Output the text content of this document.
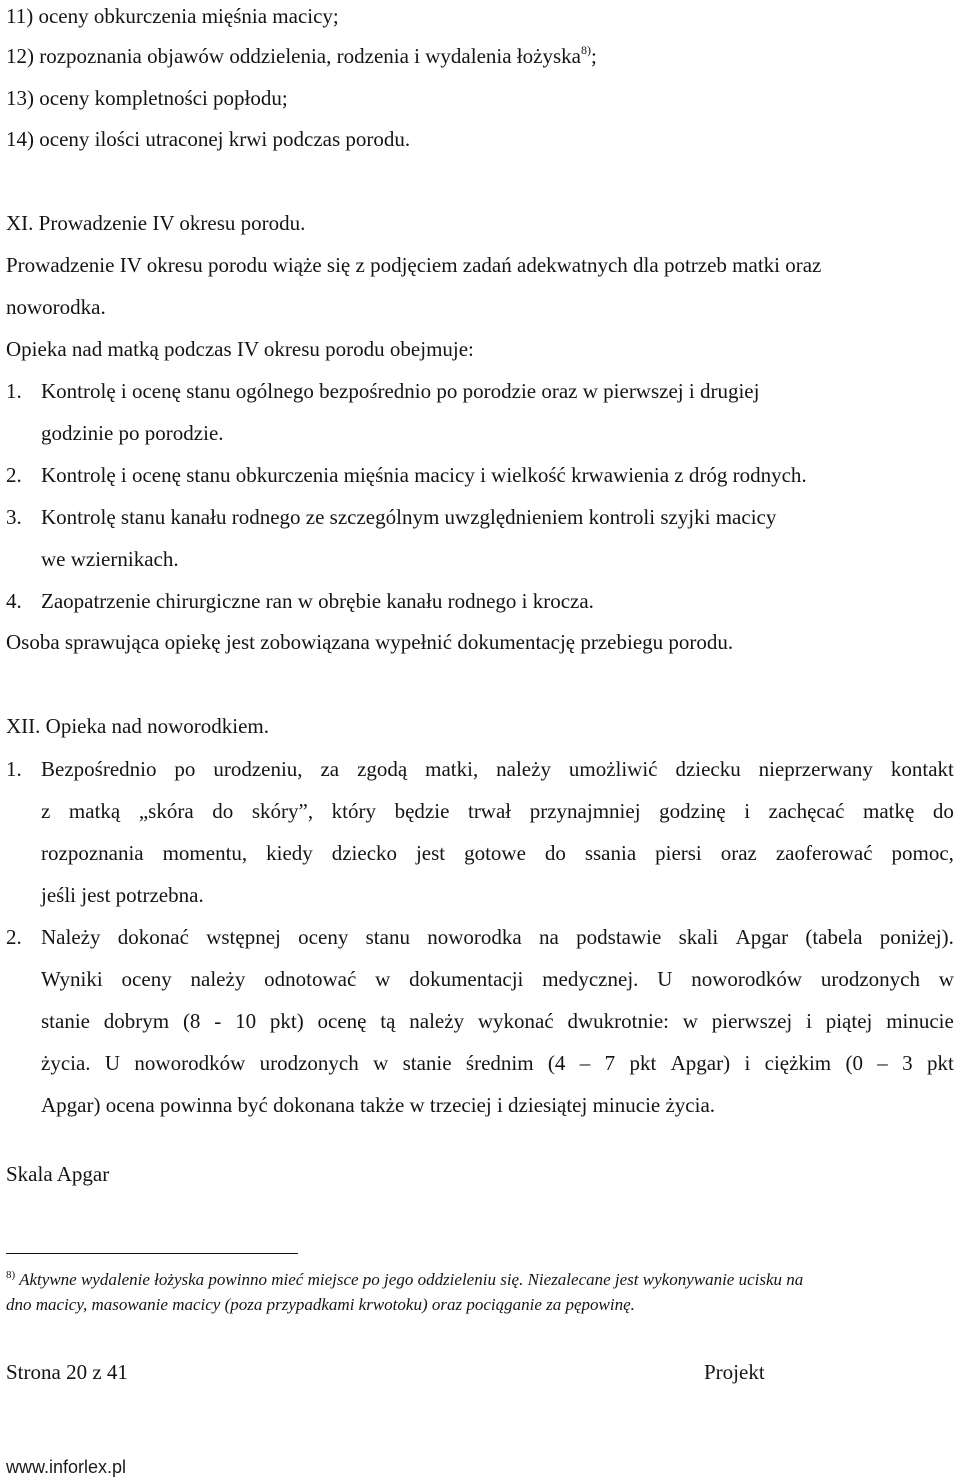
11) oceny obkurczenia mięśnia macicy;
12) rozpoznania objawów oddzielenia, rodzenia i wydalenia łożyska$^{8)}$;
13) oceny kompletności popłodu;
14) oceny ilości utraconej krwi podczas porodu.
XI. Prowadzenie IV okresu porodu.
Prowadzenie IV okresu porodu wiąże się z podjęciem zadań adekwatnych dla potrzeb matki oraz
noworodka.
Opieka nad matką podczas IV okresu porodu obejmuje:
1. Kontrolę i ocenę stanu ogólnego bezpośrednio po porodzie oraz w pierwszej i drugiej
godzinie po porodzie.
2. Kontrolę i ocenę stanu obkurczenia mięśnia macicy i wielkość krwawienia z dróg rodnych.
3. Kontrolę stanu kanału rodnego ze szczególnym uwzględnieniem kontroli szyjki macicy
we wziernikach.
4. Zaopatrzenie chirurgiczne ran w obrębie kanału rodnego i krocza.
Osoba sprawująca opiekę jest zobowiązana wypełnić dokumentację przebiegu porodu.
XII. Opieka nad noworodkiem.
1. Bezpośrednio po urodzeniu, za zgodą matki, należy umożliwić dziecku nieprzerwany kontakt
z matką „skóra do skóry”, który będzie trwał przynajmniej godzinę i zachęcać matkę do
rozpoznania momentu, kiedy dziecko jest gotowe do ssania piersi oraz zaoferować pomoc,
jeśli jest potrzebna.
2. Należy dokonać wstępnej oceny stanu noworodka na podstawie skali Apgar (tabela poniżej).
Wyniki oceny należy odnotować w dokumentacji medycznej. U noworodków urodzonych w
stanie dobrym (8 - 10 pkt) ocenę tą należy wykonać dwukrotnie: w pierwszej i piątej minucie
życia. U noworodków urodzonych w stanie średnim (4 – 7 pkt Apgar) i ciężkim (0 – 3 pkt
Apgar) ocena powinna być dokonana także w trzeciej i dziesiątej minucie życia.
Skala Apgar
$^{8)}$ Aktywne wydalenie łożyska powinno mieć miejsce po jego oddzieleniu się. Niezalecane jest wykonywanie ucisku na
dno macicy, masowanie macicy (poza przypadkami krwotoku) oraz pociąganie za pępowinę.
Strona 20 z 41	Projekt
www.inforlex.pl
